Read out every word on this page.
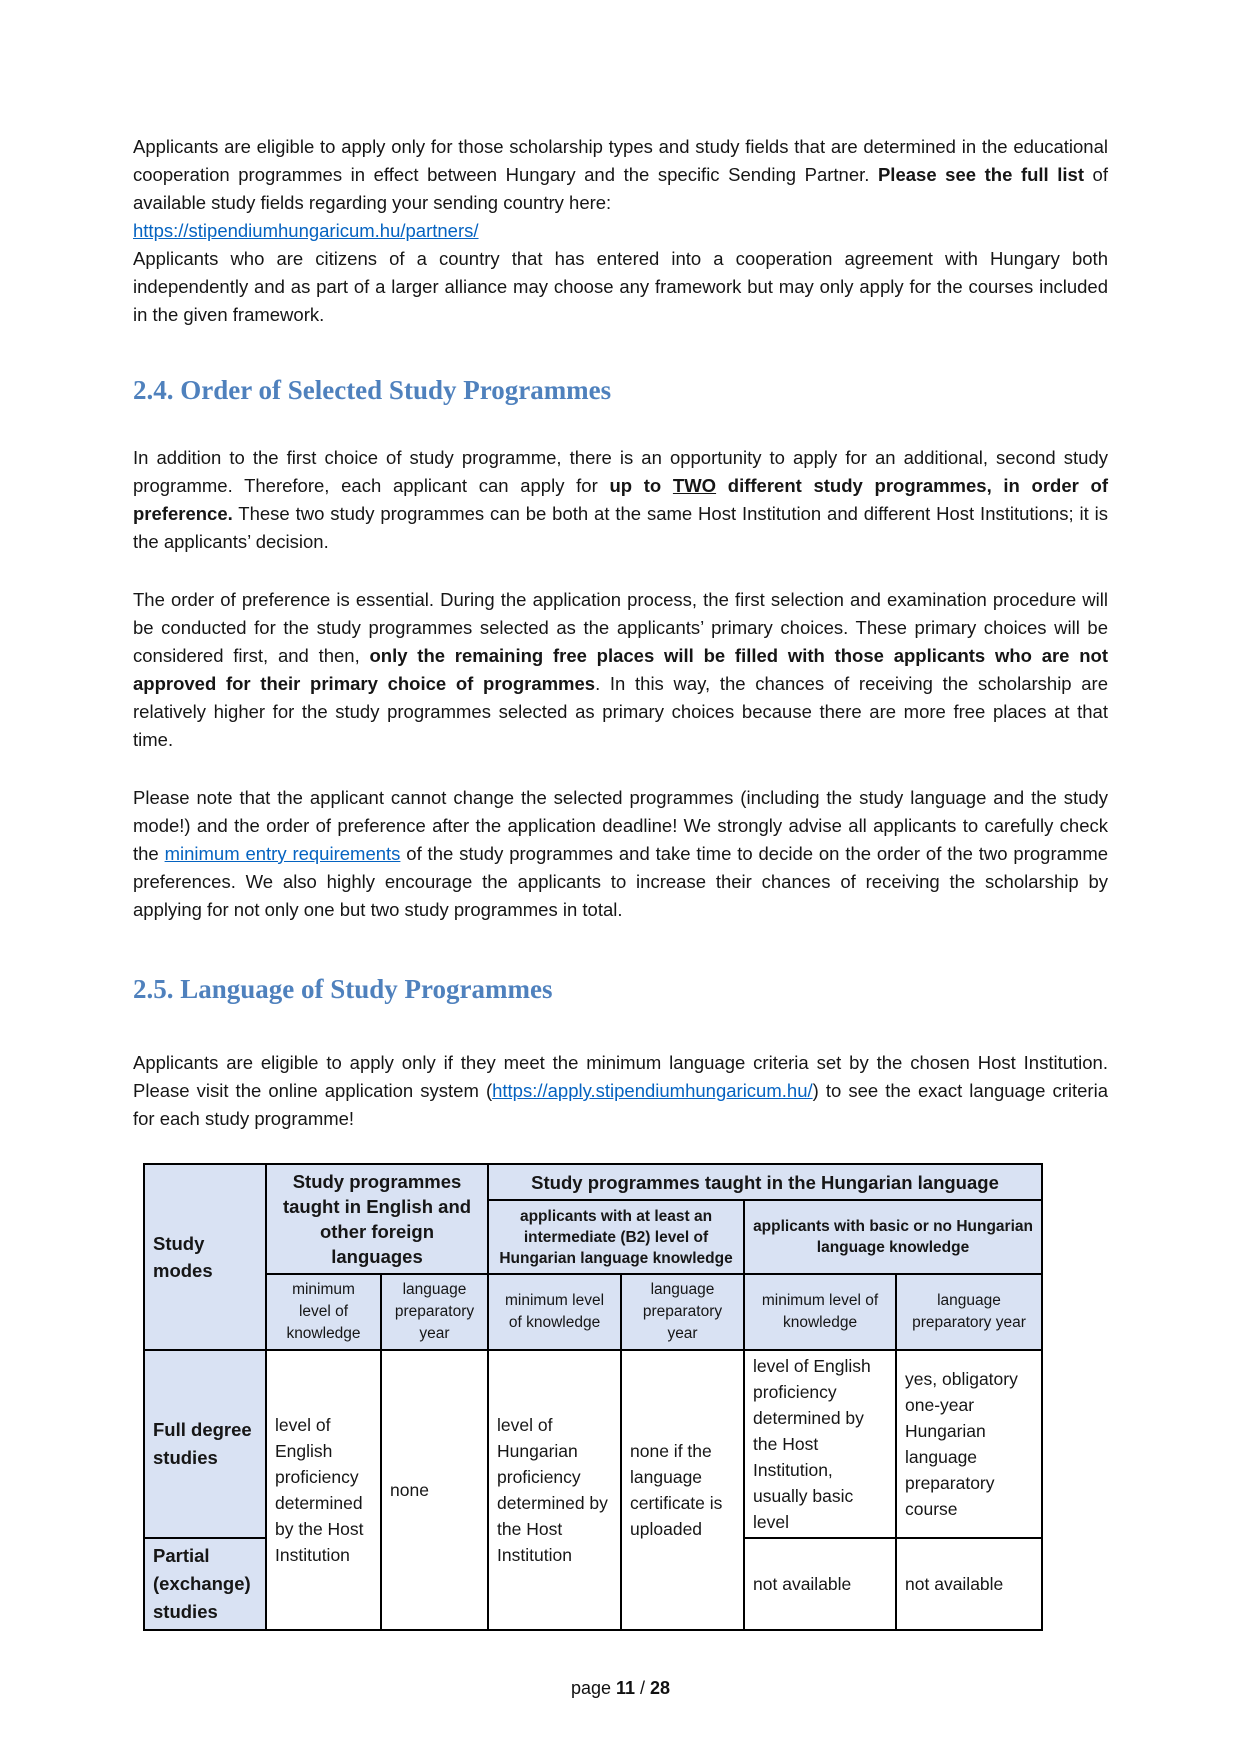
Applicants are eligible to apply only for those scholarship types and study fields that are determined in the educational cooperation programmes in effect between Hungary and the specific Sending Partner. Please see the full list of available study fields regarding your sending country here:
https://stipendiumhungaricum.hu/partners/

Applicants who are citizens of a country that has entered into a cooperation agreement with Hungary both independently and as part of a larger alliance may choose any framework but may only apply for the courses included in the given framework.

2.4. Order of Selected Study Programmes

In addition to the first choice of study programme, there is an opportunity to apply for an additional, second study programme. Therefore, each applicant can apply for up to TWO different study programmes, in order of preference. These two study programmes can be both at the same Host Institution and different Host Institutions; it is the applicants’ decision.

The order of preference is essential. During the application process, the first selection and examination procedure will be conducted for the study programmes selected as the applicants’ primary choices. These primary choices will be considered first, and then, only the remaining free places will be filled with those applicants who are not approved for their primary choice of programmes. In this way, the chances of receiving the scholarship are relatively higher for the study programmes selected as primary choices because there are more free places at that time.

Please note that the applicant cannot change the selected programmes (including the study language and the study mode!) and the order of preference after the application deadline! We strongly advise all applicants to carefully check the minimum entry requirements of the study programmes and take time to decide on the order of the two programme preferences. We also highly encourage the applicants to increase their chances of receiving the scholarship by applying for not only one but two study programmes in total.

2.5. Language of Study Programmes

Applicants are eligible to apply only if they meet the minimum language criteria set by the chosen Host Institution. Please visit the online application system (https://apply.stipendiumhungaricum.hu/) to see the exact language criteria for each study programme!

Study modes	Study programmes taught in English and other foreign languages		Study programmes taught in the Hungarian language			
			applicants with at least an intermediate (B2) level of Hungarian language knowledge		applicants with basic or no Hungarian language knowledge	
	minimum level of knowledge	language preparatory year	minimum level of knowledge	language preparatory year	minimum level of knowledge	language preparatory year
Full degree studies	level of English proficiency determined by the Host Institution	none	level of Hungarian proficiency determined by the Host Institution	none if the language certificate is uploaded	level of English proficiency determined by the Host Institution, usually basic level	yes, obligatory one-year Hungarian language preparatory course
Partial (exchange) studies					not available	not available
page 11 / 28
